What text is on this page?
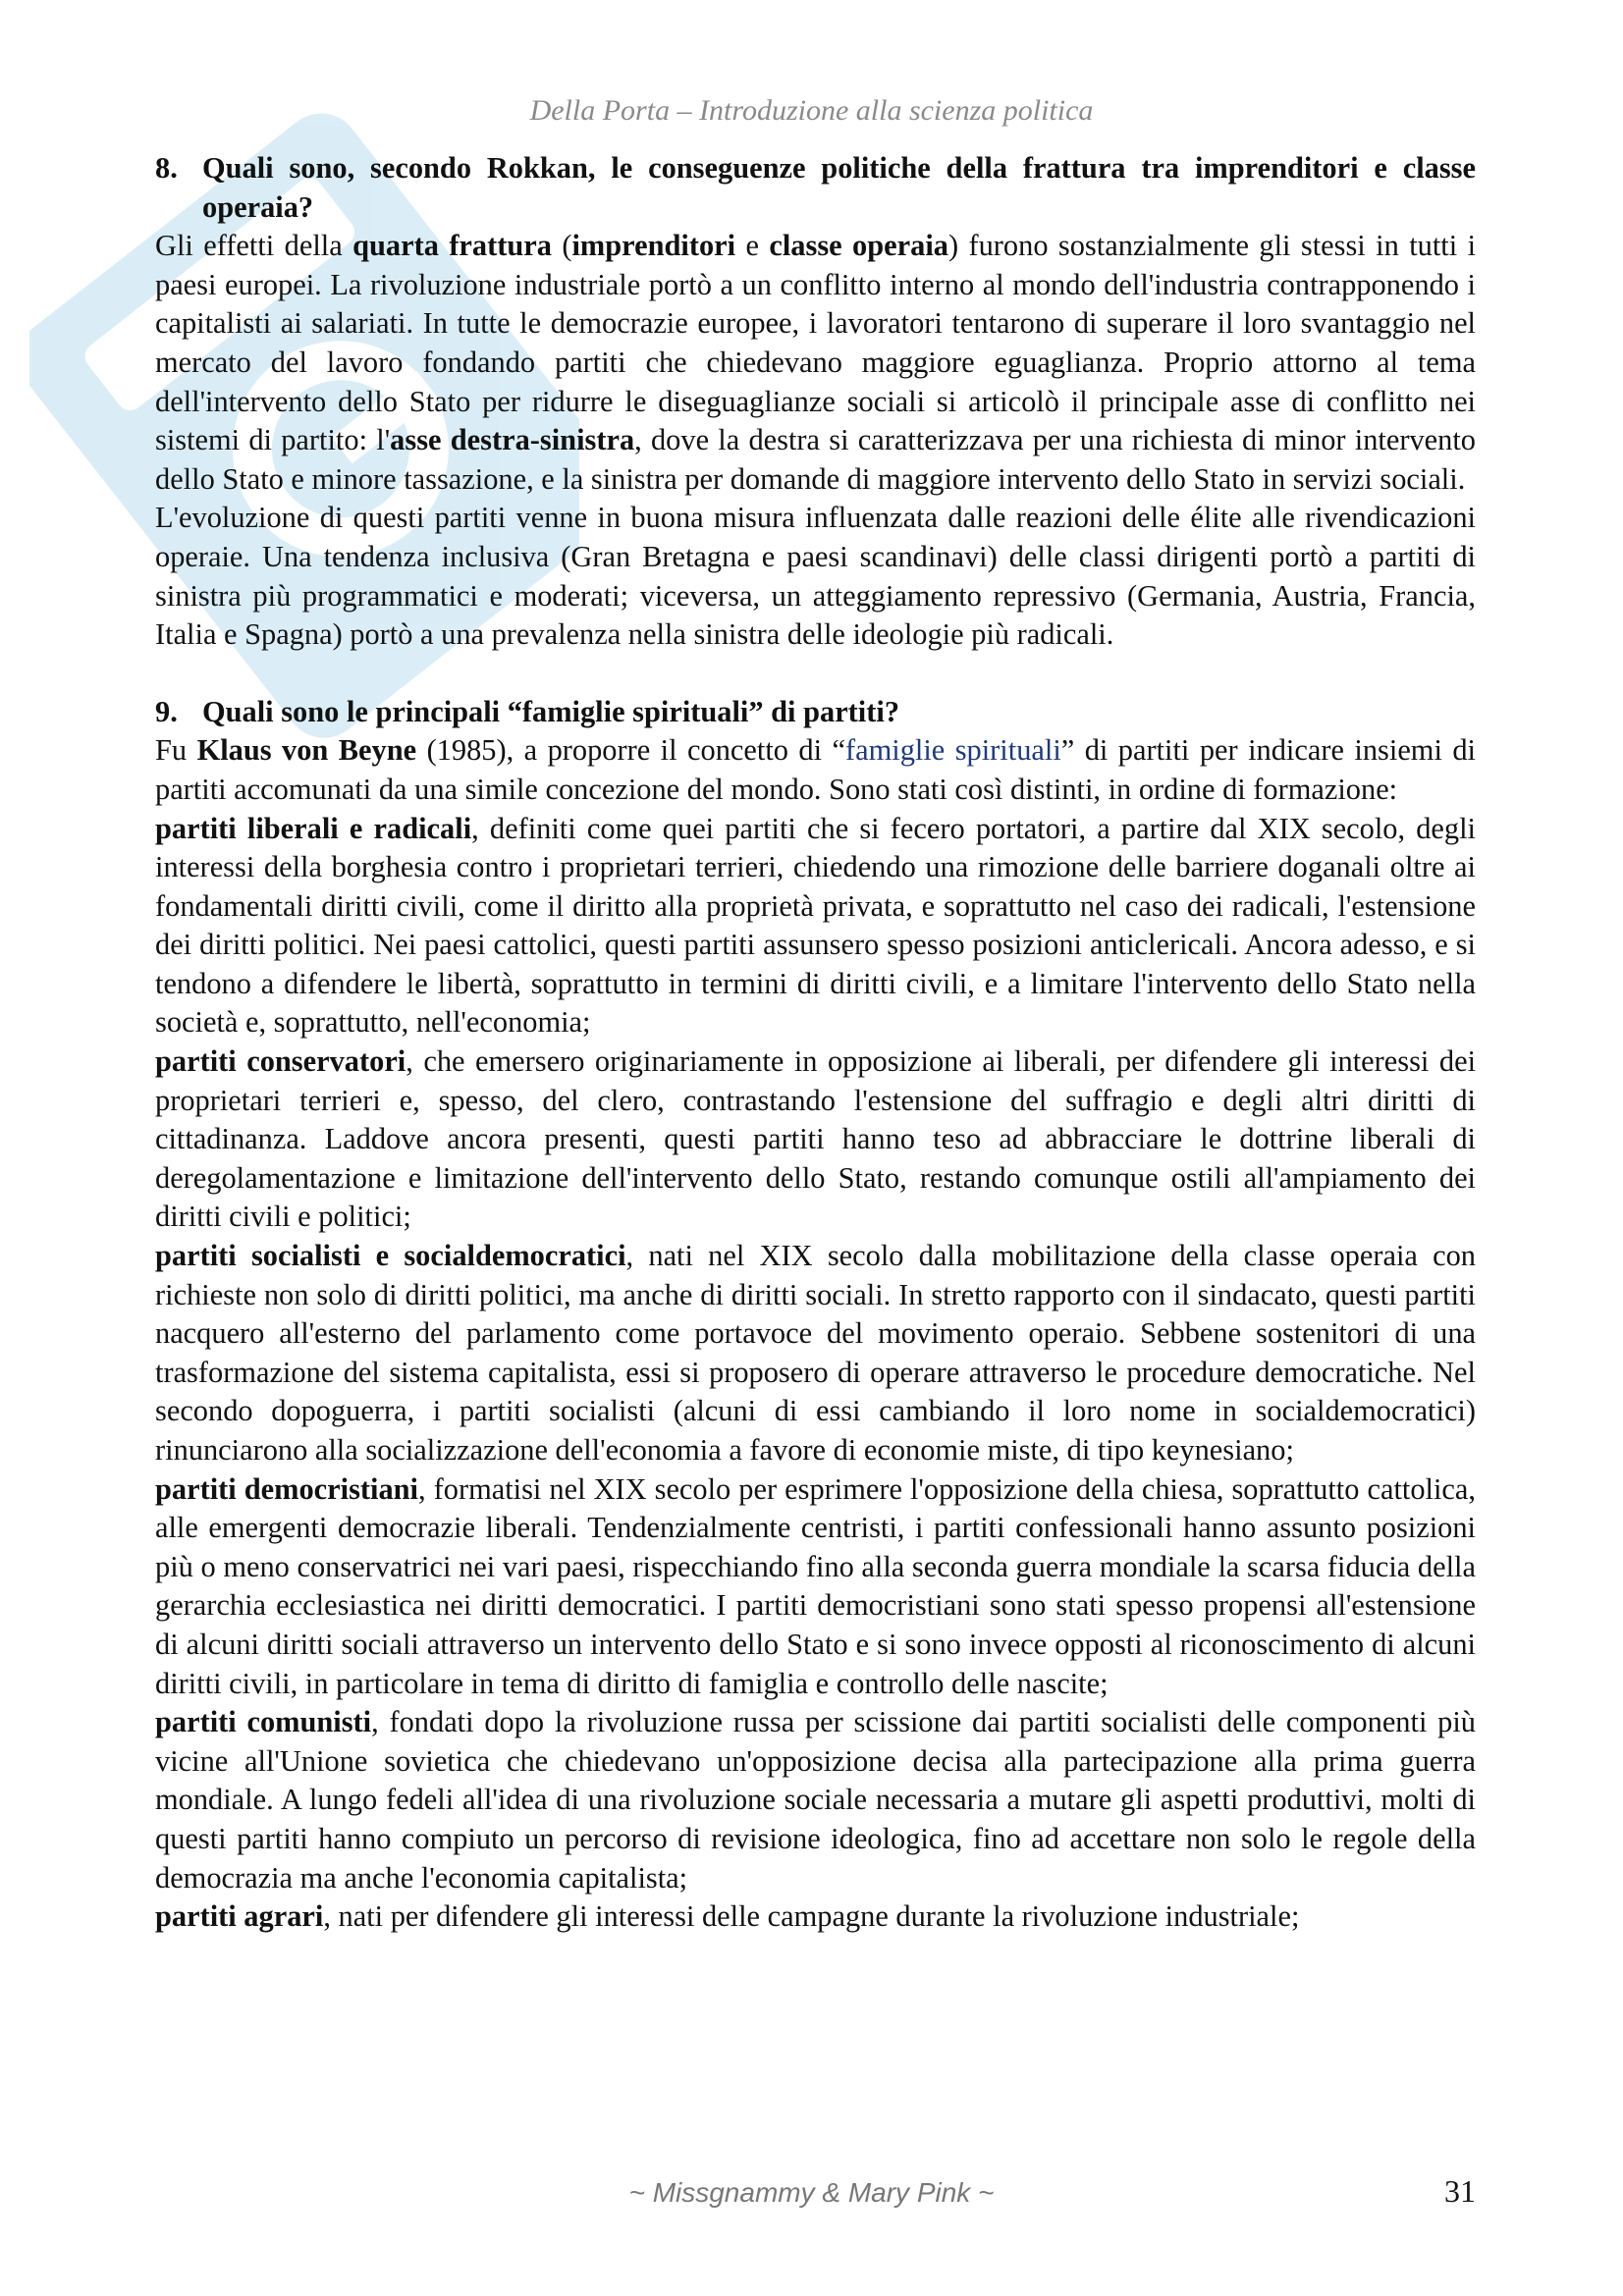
Della Porta – Introduzione alla scienza politica
8. Quali sono, secondo Rokkan, le conseguenze politiche della frattura tra imprenditori e classe operaia?

Gli effetti della quarta frattura (imprenditori e classe operaia) furono sostanzialmente gli stessi in tutti i paesi europei. La rivoluzione industriale portò a un conflitto interno al mondo dell'industria contrapponendo i capitalisti ai salariati. In tutte le democrazie europee, i lavoratori tentarono di superare il loro svantaggio nel mercato del lavoro fondando partiti che chiedevano maggiore eguaglianza. Proprio attorno al tema dell'intervento dello Stato per ridurre le diseguaglianze sociali si articolò il principale asse di conflitto nei sistemi di partito: l'asse destra-sinistra, dove la destra si caratterizzava per una richiesta di minor intervento dello Stato e minore tassazione, e la sinistra per domande di maggiore intervento dello Stato in servizi sociali.

L'evoluzione di questi partiti venne in buona misura influenzata dalle reazioni delle élite alle rivendicazioni operaie. Una tendenza inclusiva (Gran Bretagna e paesi scandinavi) delle classi dirigenti portò a partiti di sinistra più programmatici e moderati; viceversa, un atteggiamento repressivo (Germania, Austria, Francia, Italia e Spagna) portò a una prevalenza nella sinistra delle ideologie più radicali.

9. Quali sono le principali “famiglie spirituali” di partiti?

Fu Klaus von Beyne (1985), a proporre il concetto di “famiglie spirituali” di partiti per indicare insiemi di partiti accomunati da una simile concezione del mondo. Sono stati così distinti, in ordine di formazione:

partiti liberali e radicali, definiti come quei partiti che si fecero portatori, a partire dal XIX secolo, degli interessi della borghesia contro i proprietari terrieri, chiedendo una rimozione delle barriere doganali oltre ai fondamentali diritti civili, come il diritto alla proprietà privata, e soprattutto nel caso dei radicali, l'estensione dei diritti politici. Nei paesi cattolici, questi partiti assunsero spesso posizioni anticlericali. Ancora adesso, e si tendono a difendere le libertà, soprattutto in termini di diritti civili, e a limitare l'intervento dello Stato nella società e, soprattutto, nell'economia;

partiti conservatori, che emersero originariamente in opposizione ai liberali, per difendere gli interessi dei proprietari terrieri e, spesso, del clero, contrastando l'estensione del suffragio e degli altri diritti di cittadinanza. Laddove ancora presenti, questi partiti hanno teso ad abbracciare le dottrine liberali di deregolamentazione e limitazione dell'intervento dello Stato, restando comunque ostili all'ampiamento dei diritti civili e politici;

partiti socialisti e socialdemocratici, nati nel XIX secolo dalla mobilitazione della classe operaia con richieste non solo di diritti politici, ma anche di diritti sociali. In stretto rapporto con il sindacato, questi partiti nacquero all'esterno del parlamento come portavoce del movimento operaio. Sebbene sostenitori di una trasformazione del sistema capitalista, essi si proposero di operare attraverso le procedure democratiche. Nel secondo dopoguerra, i partiti socialisti (alcuni di essi cambiando il loro nome in socialdemocratici) rinunciarono alla socializzazione dell'economia a favore di economie miste, di tipo keynesiano;

partiti democristiani, formatisi nel XIX secolo per esprimere l'opposizione della chiesa, soprattutto cattolica, alle emergenti democrazie liberali. Tendenzialmente centristi, i partiti confessionali hanno assunto posizioni più o meno conservatrici nei vari paesi, rispecchiando fino alla seconda guerra mondiale la scarsa fiducia della gerarchia ecclesiastica nei diritti democratici. I partiti democristiani sono stati spesso propensi all'estensione di alcuni diritti sociali attraverso un intervento dello Stato e si sono invece opposti al riconoscimento di alcuni diritti civili, in particolare in tema di diritto di famiglia e controllo delle nascite;

partiti comunisti, fondati dopo la rivoluzione russa per scissione dai partiti socialisti delle componenti più vicine all'Unione sovietica che chiedevano un'opposizione decisa alla partecipazione alla prima guerra mondiale. A lungo fedeli all'idea di una rivoluzione sociale necessaria a mutare gli aspetti produttivi, molti di questi partiti hanno compiuto un percorso di revisione ideologica, fino ad accettare non solo le regole della democrazia ma anche l'economia capitalista;

partiti agrari, nati per difendere gli interessi delle campagne durante la rivoluzione industriale;

~ Missgnammy & Mary Pink ~	31
